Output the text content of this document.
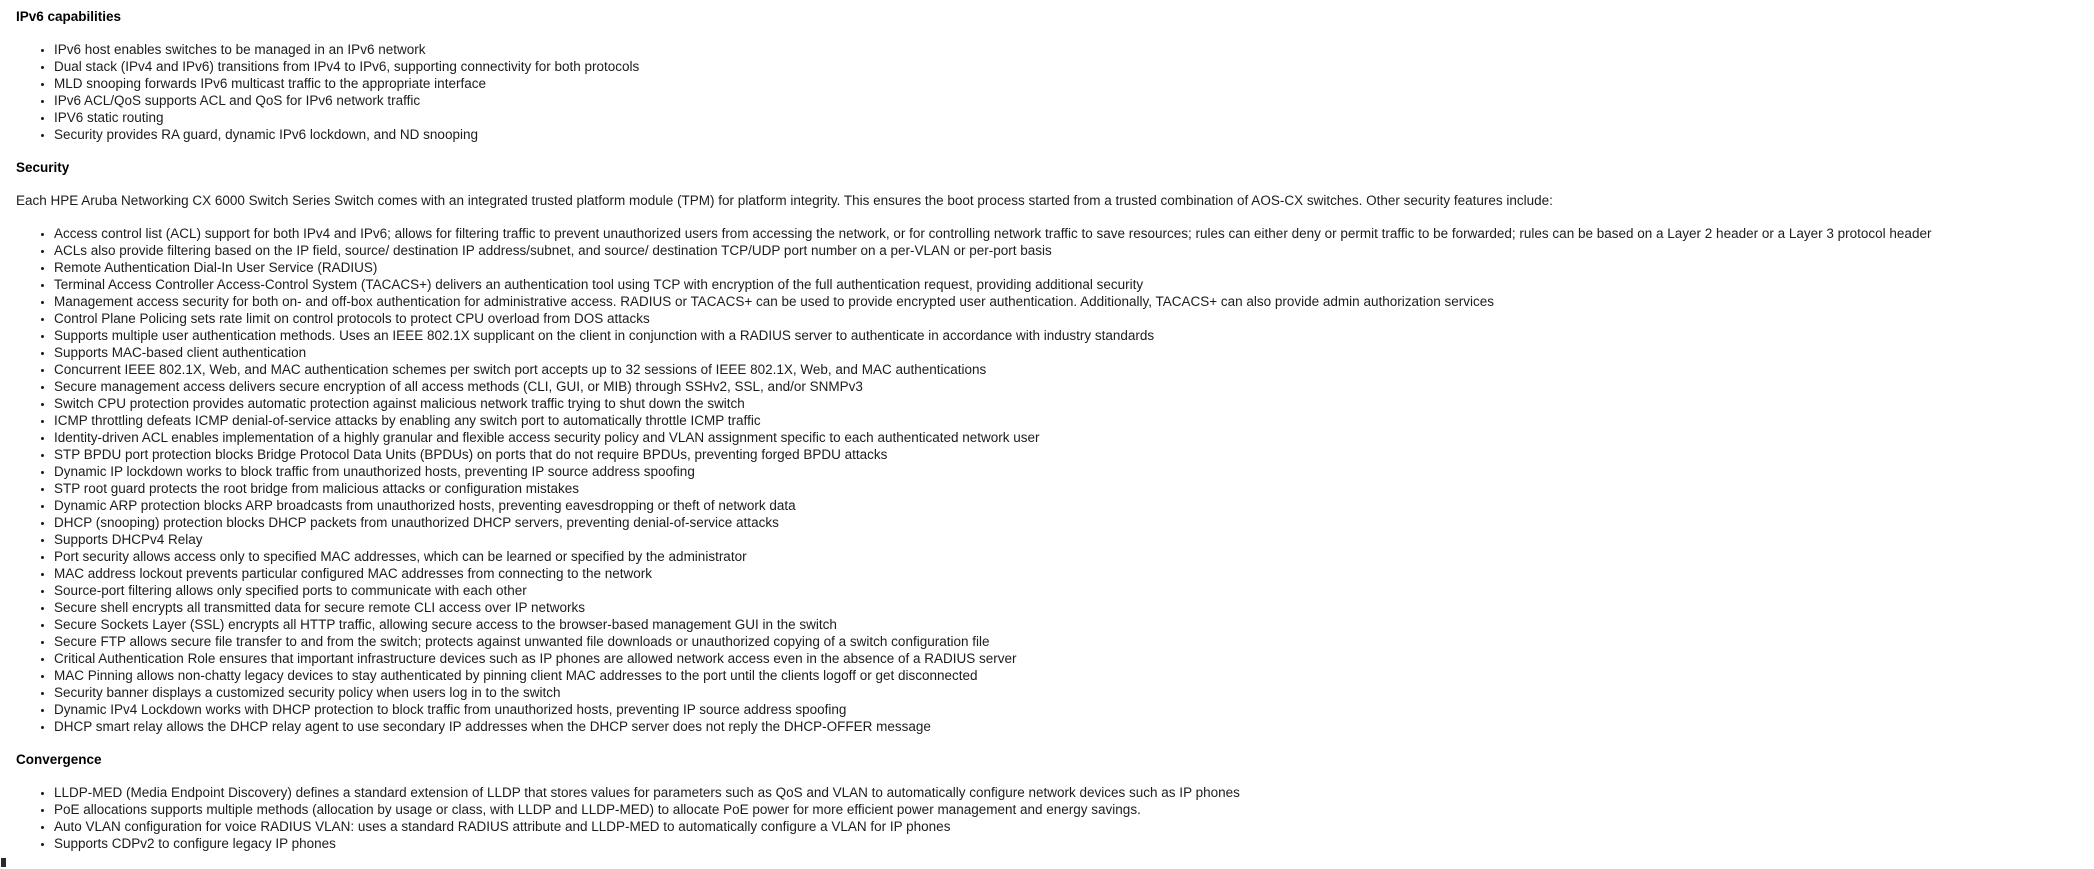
IPv6 capabilities

• IPv6 host enables switches to be managed in an IPv6 network
• Dual stack (IPv4 and IPv6) transitions from IPv4 to IPv6, supporting connectivity for both protocols
• MLD snooping forwards IPv6 multicast traffic to the appropriate interface
• IPv6 ACL/QoS supports ACL and QoS for IPv6 network traffic
• IPV6 static routing
• Security provides RA guard, dynamic IPv6 lockdown, and ND snooping

Security

Each HPE Aruba Networking CX 6000 Switch Series Switch comes with an integrated trusted platform module (TPM) for platform integrity. This ensures the boot process started from a trusted combination of AOS-CX switches. Other security features include:

• Access control list (ACL) support for both IPv4 and IPv6; allows for filtering traffic to prevent unauthorized users from accessing the network, or for controlling network traffic to save resources; rules can either deny or permit traffic to be forwarded; rules can be based on a Layer 2 header or a Layer 3 protocol header
• ACLs also provide filtering based on the IP field, source/ destination IP address/subnet, and source/ destination TCP/UDP port number on a per-VLAN or per-port basis
• Remote Authentication Dial-In User Service (RADIUS)
• Terminal Access Controller Access-Control System (TACACS+) delivers an authentication tool using TCP with encryption of the full authentication request, providing additional security
• Management access security for both on- and off-box authentication for administrative access. RADIUS or TACACS+ can be used to provide encrypted user authentication. Additionally, TACACS+ can also provide admin authorization services
• Control Plane Policing sets rate limit on control protocols to protect CPU overload from DOS attacks
• Supports multiple user authentication methods. Uses an IEEE 802.1X supplicant on the client in conjunction with a RADIUS server to authenticate in accordance with industry standards
• Supports MAC-based client authentication
• Concurrent IEEE 802.1X, Web, and MAC authentication schemes per switch port accepts up to 32 sessions of IEEE 802.1X, Web, and MAC authentications
• Secure management access delivers secure encryption of all access methods (CLI, GUI, or MIB) through SSHv2, SSL, and/or SNMPv3
• Switch CPU protection provides automatic protection against malicious network traffic trying to shut down the switch
• ICMP throttling defeats ICMP denial-of-service attacks by enabling any switch port to automatically throttle ICMP traffic
• Identity-driven ACL enables implementation of a highly granular and flexible access security policy and VLAN assignment specific to each authenticated network user
• STP BPDU port protection blocks Bridge Protocol Data Units (BPDUs) on ports that do not require BPDUs, preventing forged BPDU attacks
• Dynamic IP lockdown works to block traffic from unauthorized hosts, preventing IP source address spoofing
• STP root guard protects the root bridge from malicious attacks or configuration mistakes
• Dynamic ARP protection blocks ARP broadcasts from unauthorized hosts, preventing eavesdropping or theft of network data
• DHCP (snooping) protection blocks DHCP packets from unauthorized DHCP servers, preventing denial-of-service attacks
• Supports DHCPv4 Relay
• Port security allows access only to specified MAC addresses, which can be learned or specified by the administrator
• MAC address lockout prevents particular configured MAC addresses from connecting to the network
• Source-port filtering allows only specified ports to communicate with each other
• Secure shell encrypts all transmitted data for secure remote CLI access over IP networks
• Secure Sockets Layer (SSL) encrypts all HTTP traffic, allowing secure access to the browser-based management GUI in the switch
• Secure FTP allows secure file transfer to and from the switch; protects against unwanted file downloads or unauthorized copying of a switch configuration file
• Critical Authentication Role ensures that important infrastructure devices such as IP phones are allowed network access even in the absence of a RADIUS server
• MAC Pinning allows non-chatty legacy devices to stay authenticated by pinning client MAC addresses to the port until the clients logoff or get disconnected
• Security banner displays a customized security policy when users log in to the switch
• Dynamic IPv4 Lockdown works with DHCP protection to block traffic from unauthorized hosts, preventing IP source address spoofing
• DHCP smart relay allows the DHCP relay agent to use secondary IP addresses when the DHCP server does not reply the DHCP-OFFER message

Convergence

• LLDP-MED (Media Endpoint Discovery) defines a standard extension of LLDP that stores values for parameters such as QoS and VLAN to automatically configure network devices such as IP phones
• PoE allocations supports multiple methods (allocation by usage or class, with LLDP and LLDP-MED) to allocate PoE power for more efficient power management and energy savings.
• Auto VLAN configuration for voice RADIUS VLAN: uses a standard RADIUS attribute and LLDP-MED to automatically configure a VLAN for IP phones
• Supports CDPv2 to configure legacy IP phones
